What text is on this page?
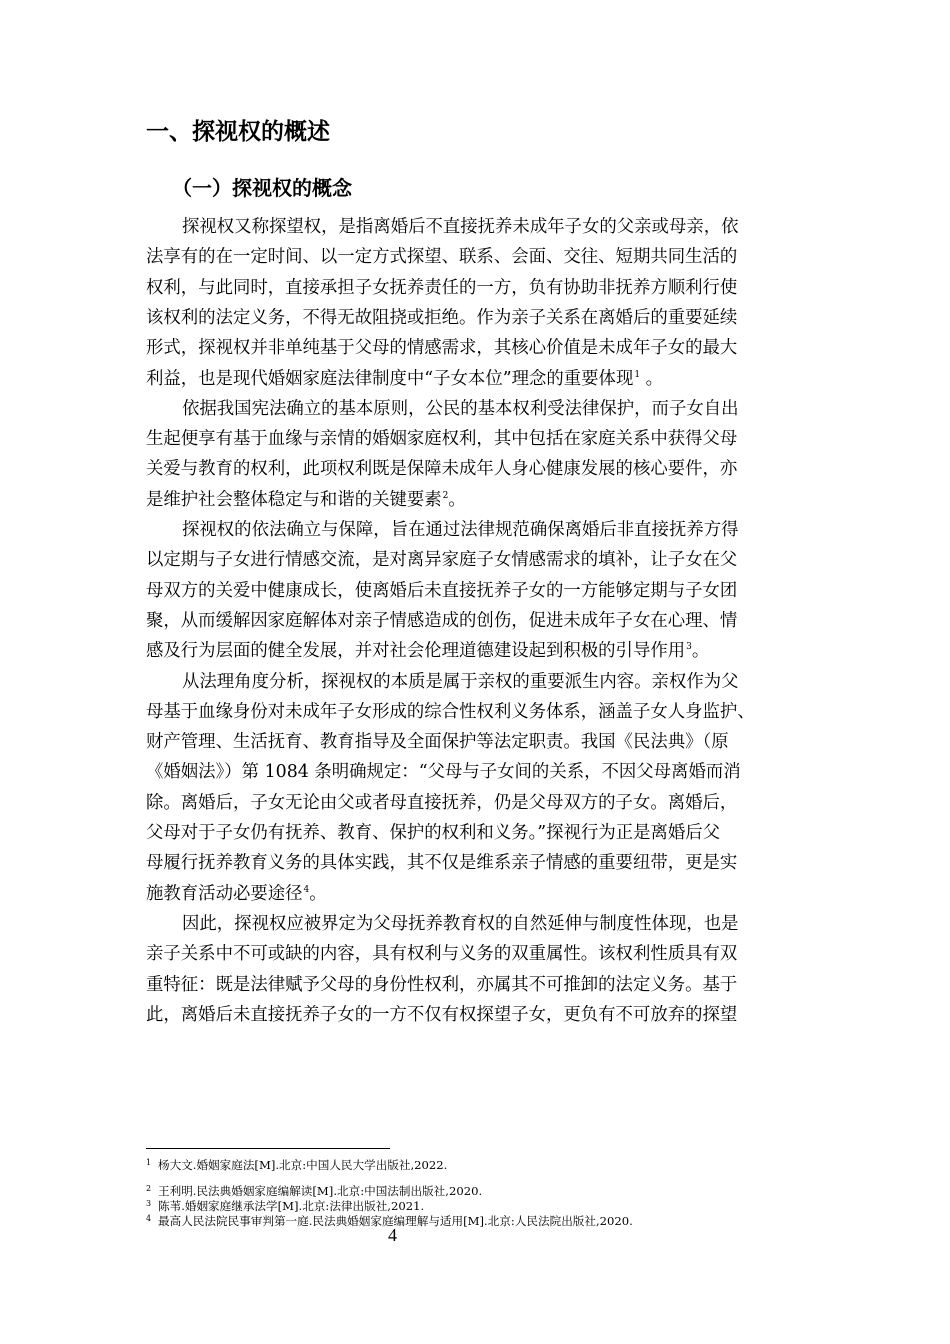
一、探视权的概述
（一）探视权的概念
探视权又称探望权，是指离婚后不直接抚养未成年子女的父亲或母亲，依
法享有的在一定时间、以一定方式探望、联系、会面、交往、短期共同生活的
权利，与此同时，直接承担子女抚养责任的一方，负有协助非抚养方顺利行使
该权利的法定义务，不得无故阻挠或拒绝。作为亲子关系在离婚后的重要延续
形式，探视权并非单纯基于父母的情感需求，其核心价值是未成年子女的最大
利益，也是现代婚姻家庭法律制度中“子女本位”理念的重要体现$^1$ 。
依据我国宪法确立的基本原则，公民的基本权利受法律保护，而子女自出
生起便享有基于血缘与亲情的婚姻家庭权利，其中包括在家庭关系中获得父母
关爱与教育的权利，此项权利既是保障未成年人身心健康发展的核心要件，亦
是维护社会整体稳定与和谐的关键要素$^2$。
探视权的依法确立与保障，旨在通过法律规范确保离婚后非直接抚养方得
以定期与子女进行情感交流，是对离异家庭子女情感需求的填补，让子女在父
母双方的关爱中健康成长，使离婚后未直接抚养子女的一方能够定期与子女团
聚，从而缓解因家庭解体对亲子情感造成的创伤，促进未成年子女在心理、情
感及行为层面的健全发展，并对社会伦理道德建设起到积极的引导作用$^3$。
从法理角度分析，探视权的本质是属于亲权的重要派生内容。亲权作为父
母基于血缘身份对未成年子女形成的综合性权利义务体系，涵盖子女人身监护、
财产管理、生活抚育、教育指导及全面保护等法定职责。我国《民法典》（原
《婚姻法》）第 1084 条明确规定：“父母与子女间的关系，不因父母离婚而消
除。离婚后，子女无论由父或者母直接抚养，仍是父母双方的子女。离婚后，
父母对于子女仍有抚养、教育、保护的权利和义务。”探视行为正是离婚后父
母履行抚养教育义务的具体实践，其不仅是维系亲子情感的重要纽带，更是实
施教育活动必要途径$^4$。
因此，探视权应被界定为父母抚养教育权的自然延伸与制度性体现，也是
亲子关系中不可或缺的内容，具有权利与义务的双重属性。该权利性质具有双
重特征：既是法律赋予父母的身份性权利，亦属其不可推卸的法定义务。基于
此，离婚后未直接抚养子女的一方不仅有权探望子女，更负有不可放弃的探望
1 杨大文.婚姻家庭法[M].北京:中国人民大学出版社,2022.
2 王利明.民法典婚姻家庭编解读[M].北京:中国法制出版社,2020.
3 陈苇.婚姻家庭继承法学[M].北京:法律出版社,2021.
4 最高人民法院民事审判第一庭.民法典婚姻家庭编理解与适用[M].北京:人民法院出版社,2020.
4
